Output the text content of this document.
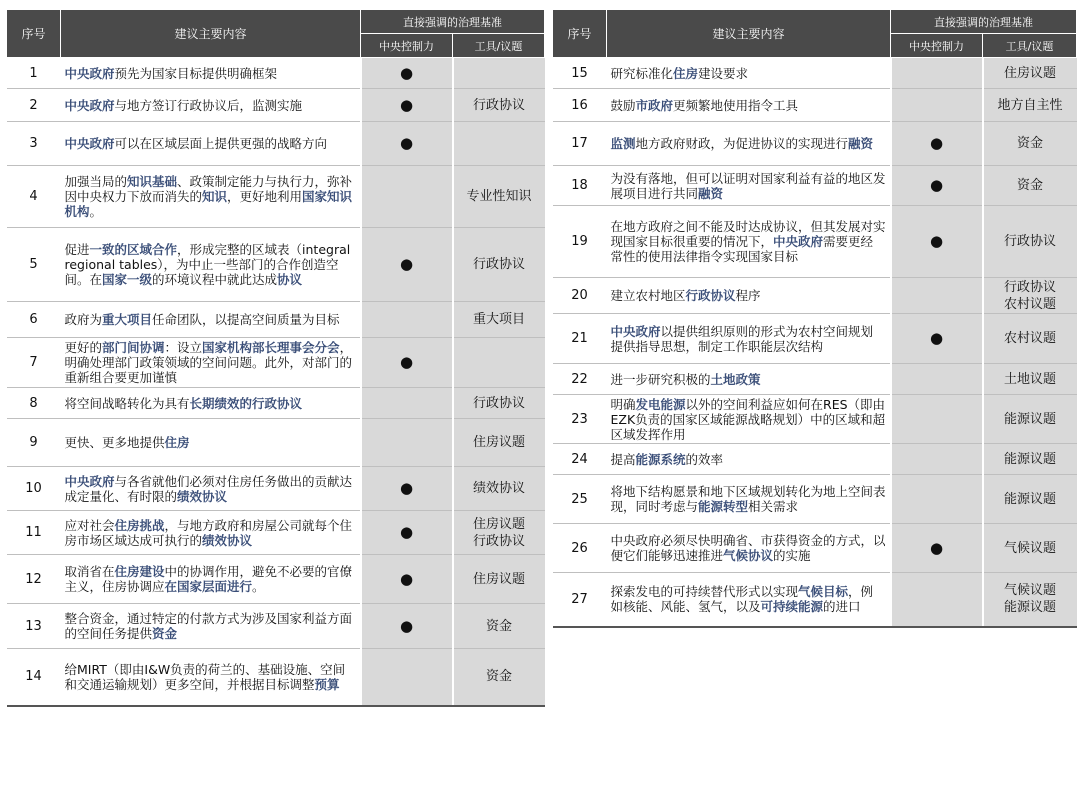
序号	建议主要内容	直接强调的治理基准	
		中央控制力	工具/议题
1	中央政府预先为国家目标提供明确框架	●	
2	中央政府与地方签订行政协议后，监测实施	●	行政协议
3	中央政府可以在区域层面上提供更强的战略方向	●	
4	加强当局的知识基础、政策制定能力与执行力，弥补因中央权力下放而消失的知识，更好地利用国家知识机构。		专业性知识
5	促进一致的区域合作，形成完整的区域表（integral regional tables），为中止一些部门的合作创造空间。在国家一级的环境议程中就此达成协议	●	行政协议
6	政府为重大项目任命团队，以提高空间质量为目标		重大项目
7	更好的部门间协调：设立国家机构部长理事会分会，明确处理部门政策领域的空间问题。此外，对部门的重新组合要更加谨慎	●	
8	将空间战略转化为具有长期绩效的行政协议		行政协议
9	更快、更多地提供住房		住房议题
10	中央政府与各省就他们必须对住房任务做出的贡献达成定量化、有时限的绩效协议	●	绩效协议
11	应对社会住房挑战，与地方政府和房屋公司就每个住房市场区域达成可执行的绩效协议	●	住房议题
行政协议
12	取消省在住房建设中的协调作用，避免不必要的官僚主义，住房协调应在国家层面进行。	●	住房议题
13	整合资金，通过特定的付款方式为涉及国家利益方面的空间任务提供资金	●	资金
14	给MIRT（即由I&W负责的荷兰的、基础设施、空间和交通运输规划）更多空间，并根据目标调整预算		资金
序号	建议主要内容	直接强调的治理基准	
		中央控制力	工具/议题
15	研究标准化住房建设要求		住房议题
16	鼓励市政府更频繁地使用指令工具		地方自主性
17	监测地方政府财政，为促进协议的实现进行融资	●	资金
18	为没有落地，但可以证明对国家利益有益的地区发展项目进行共同融资	●	资金
19	在地方政府之间不能及时达成协议，但其发展对实现国家目标很重要的情况下，中央政府需要更经常性的使用法律指令实现国家目标	●	行政协议
20	建立农村地区行政协议程序		行政协议
农村议题
21	中央政府以提供组织原则的形式为农村空间规划提供指导思想，制定工作职能层次结构	●	农村议题
22	进一步研究积极的土地政策		土地议题
23	明确发电能源以外的空间利益应如何在RES（即由EZK负责的国家区域能源战略规划）中的区域和超区域发挥作用		能源议题
24	提高能源系统的效率		能源议题
25	将地下结构愿景和地下区域规划转化为地上空间表现，同时考虑与能源转型相关需求		能源议题
26	中央政府必须尽快明确省、市获得资金的方式，以便它们能够迅速推进气候协议的实施	●	气候议题
27	探索发电的可持续替代形式以实现气候目标，例如核能、风能、氢气，以及可持续能源的进口		气候议题
能源议题
